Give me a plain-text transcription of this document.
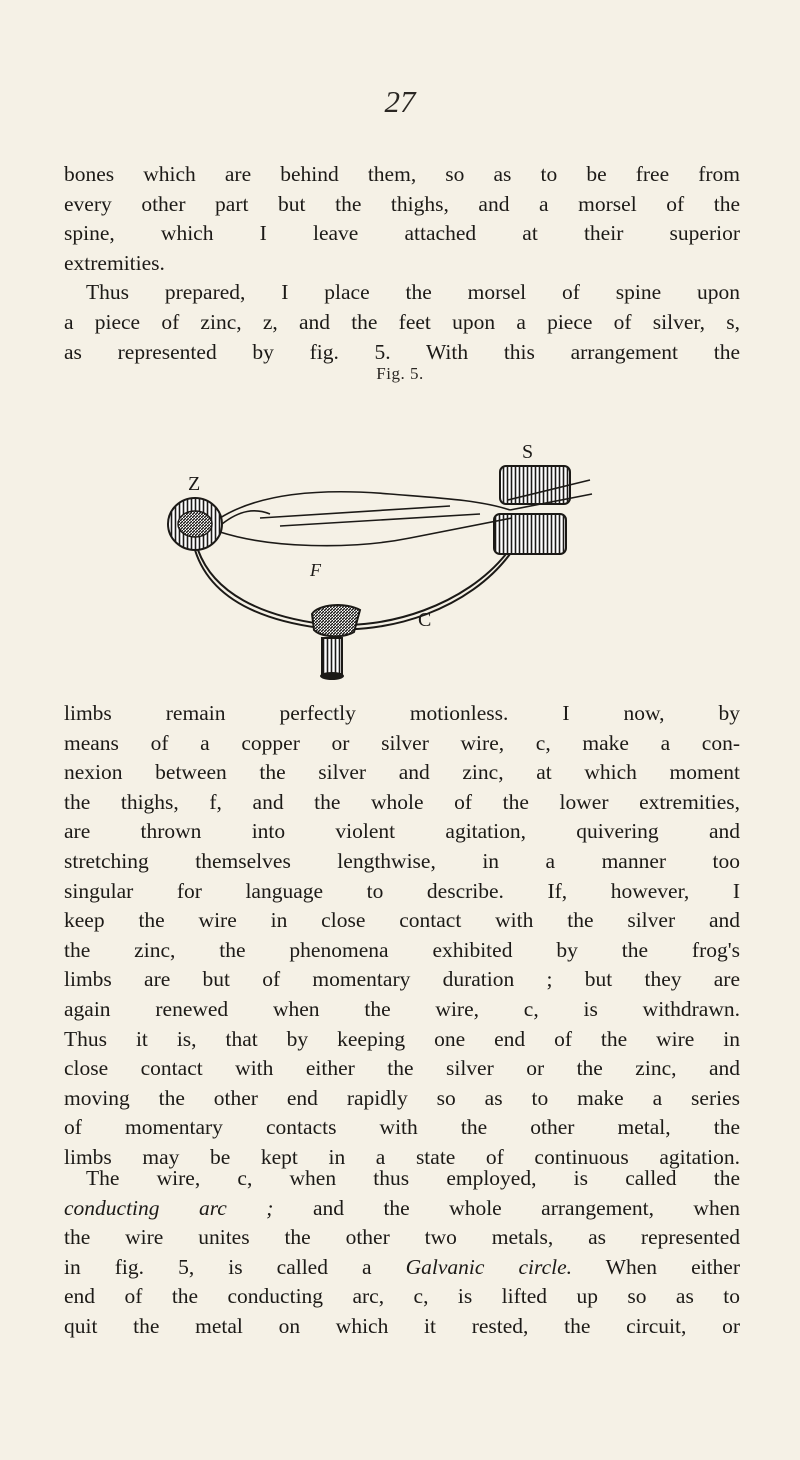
27
bones which are behind them, so as to be free from
every other part but the thighs, and a morsel of the
spine, which I leave attached at their superior
extremities.
Thus prepared, I place the morsel of spine upon
a piece of zinc, z, and the feet upon a piece of silver, s,
as represented by fig. 5. With this arrangement the
Fig. 5.
Z
S
F
C
limbs remain perfectly motionless. I now, by
means of a copper or silver wire, c, make a con-
nexion between the silver and zinc, at which moment
the thighs, f, and the whole of the lower extremities,
are thrown into violent agitation, quivering and
stretching themselves lengthwise, in a manner too
singular for language to describe. If, however, I
keep the wire in close contact with the silver and
the zinc, the phenomena exhibited by the frog's
limbs are but of momentary duration ; but they are
again renewed when the wire, c, is withdrawn.
Thus it is, that by keeping one end of the wire in
close contact with either the silver or the zinc, and
moving the other end rapidly so as to make a series
of momentary contacts with the other metal, the
limbs may be kept in a state of continuous agitation.
The wire, c, when thus employed, is called the
conducting arc ; and the whole arrangement, when
the wire unites the other two metals, as represented
in fig. 5, is called a Galvanic circle. When either
end of the conducting arc, c, is lifted up so as to
quit the metal on which it rested, the circuit, or
